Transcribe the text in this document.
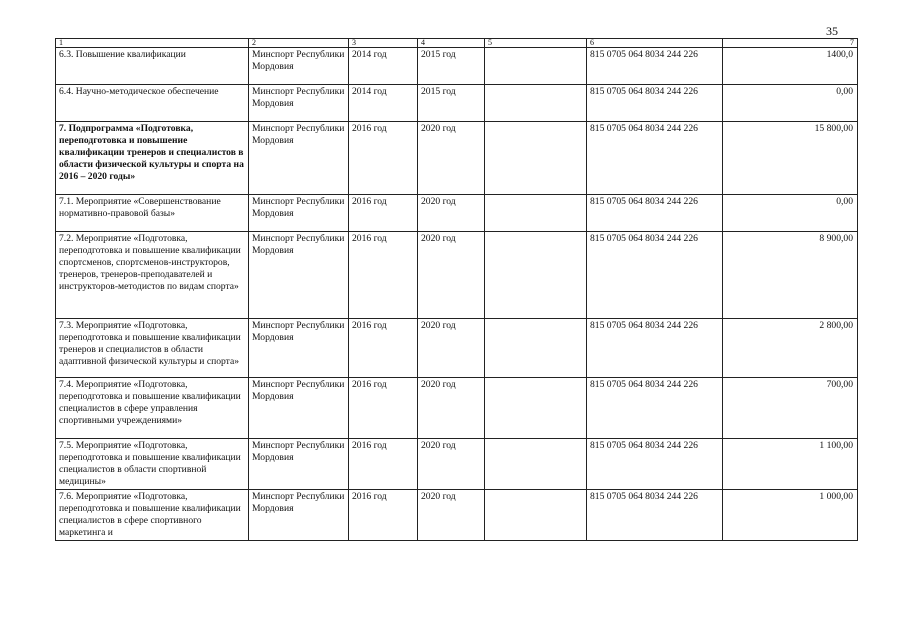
35
1	2	3	4	5	6	7
6.3. Повышение квалификации	Минспорт Республики Мордовия	2014 год	2015 год		815 0705 064 8034 244 226	1400,0
6.4. Научно-методическое обеспечение	Минспорт Республики Мордовия	2014 год	2015 год		815 0705 064 8034 244 226	0,00
7. Подпрограмма «Подготовка, переподготовка и повышение квалификации тренеров и специалистов в области физической культуры и спорта на 2016 – 2020 годы»	Минспорт Республики Мордовия	2016 год	2020 год		815 0705 064 8034 244 226	15 800,00
7.1. Мероприятие «Совершенствование нормативно-правовой базы»	Минспорт Республики Мордовия	2016 год	2020 год		815 0705 064 8034 244 226	0,00
7.2. Мероприятие «Подготовка, переподготовка и повышение квалификации спортсменов, спортсменов-инструкторов, тренеров, тренеров-преподавателей и инструкторов-методистов по видам спорта»	Минспорт Республики Мордовия	2016 год	2020 год		815 0705 064 8034 244 226	8 900,00
7.3. Мероприятие «Подготовка, переподготовка и повышение квалификации тренеров и специалистов в области адаптивной физической культуры и спорта»	Минспорт Республики Мордовия	2016 год	2020 год		815 0705 064 8034 244 226	2 800,00
7.4. Мероприятие «Подготовка, переподготовка и повышение квалификации специалистов в сфере управления спортивными учреждениями»	Минспорт Республики Мордовия	2016 год	2020 год		815 0705 064 8034 244 226	700,00
7.5. Мероприятие «Подготовка, переподготовка и повышение квалификации специалистов в области спортивной медицины»	Минспорт Республики Мордовия	2016 год	2020 год		815 0705 064 8034 244 226	1 100,00
7.6. Мероприятие «Подготовка, переподготовка и повышение квалификации специалистов в сфере спортивного маркетинга и	Минспорт Республики Мордовия	2016 год	2020 год		815 0705 064 8034 244 226	1 000,00
